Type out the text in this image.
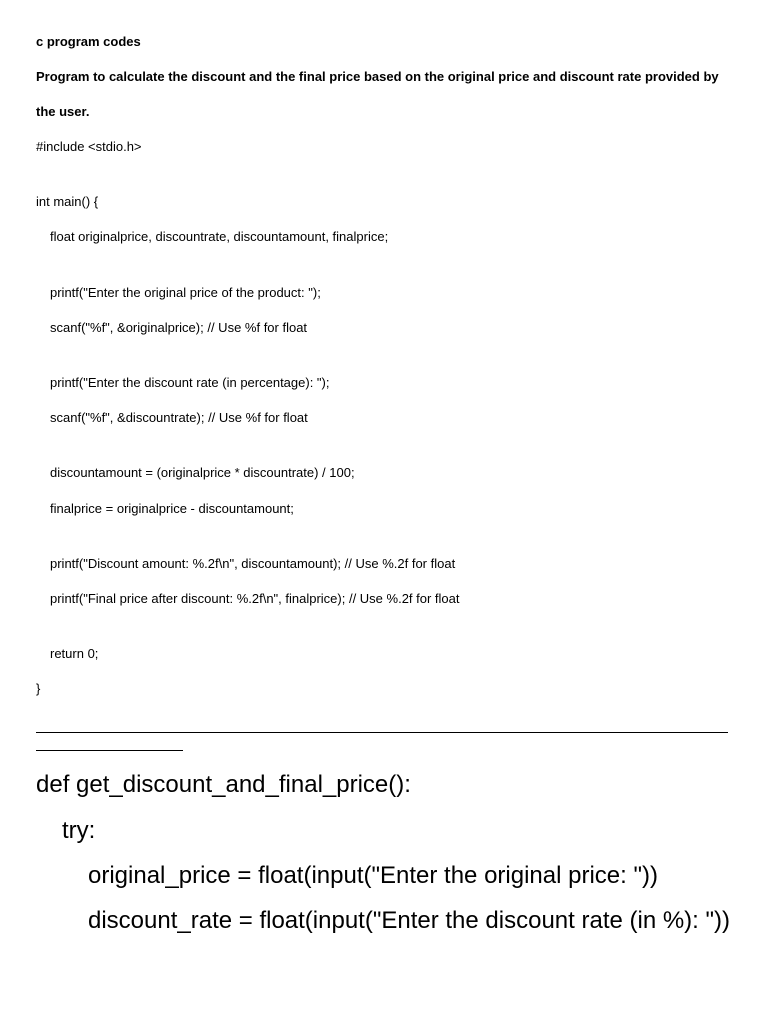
c program codes
Program to calculate the discount and the final price based on the original price and discount rate provided by
the user.
#include <stdio.h>
int main() {
float originalprice, discountrate, discountamount, finalprice;
printf("Enter the original price of the product: ");
scanf("%f", &originalprice); // Use %f for float
printf("Enter the discount rate (in percentage): ");
scanf("%f", &discountrate); // Use %f for float
discountamount = (originalprice * discountrate) / 100;
finalprice = originalprice - discountamount;
printf("Discount amount: %.2f\n", discountamount); // Use %.2f for float
printf("Final price after discount: %.2f\n", finalprice); // Use %.2f for float
return 0;
}
def get_discount_and_final_price():
try:
original_price = float(input("Enter the original price: "))
discount_rate = float(input("Enter the discount rate (in %): "))
